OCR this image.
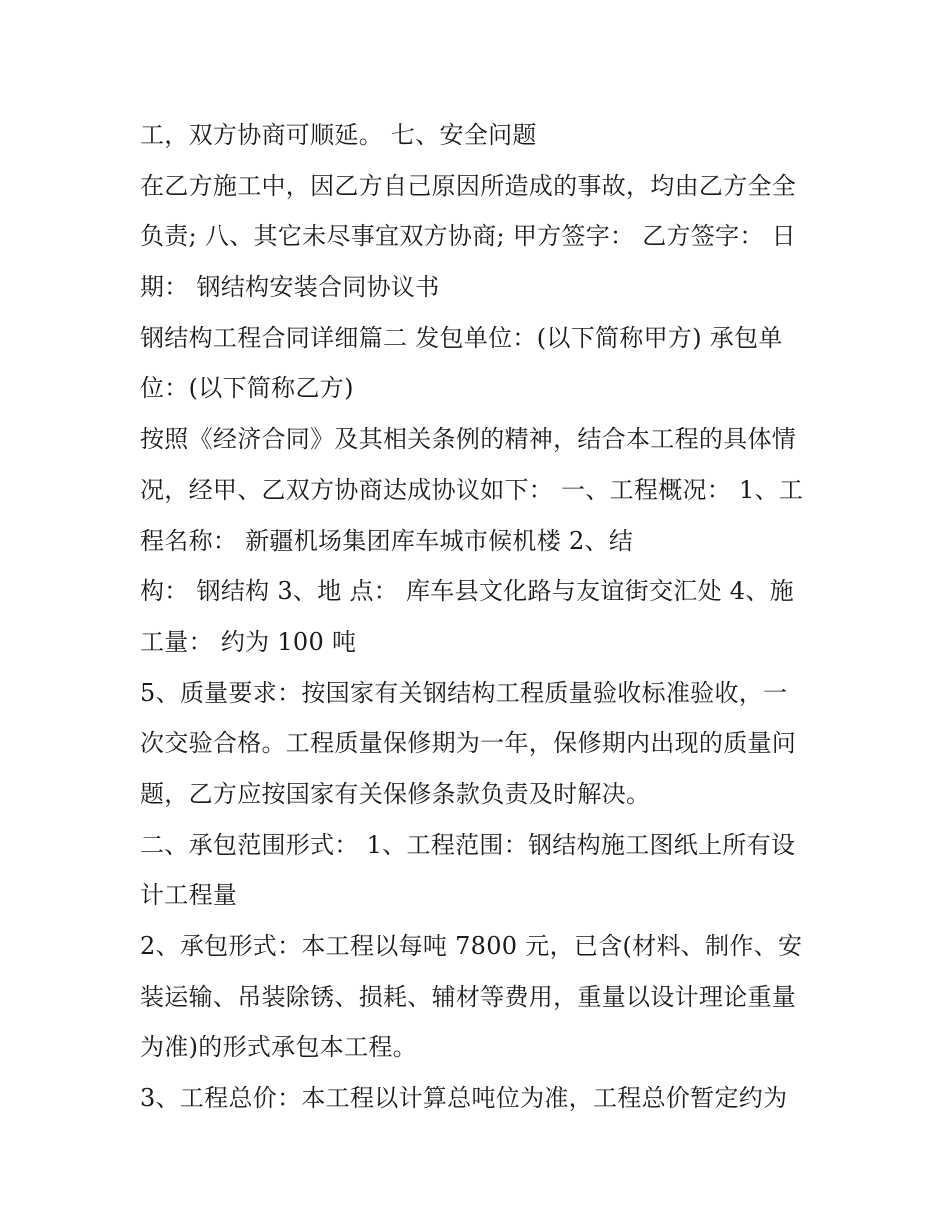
工，双方协商可顺延。 七、安全问题
在乙方施工中，因乙方自己原因所造成的事故，均由乙方全全
负责; 八、其它未尽事宜双方协商; 甲方签字： 乙方签字： 日
期： 钢结构安装合同协议书
钢结构工程合同详细篇二 发包单位：(以下简称甲方) 承包单
位：(以下简称乙方)
按照《经济合同》及其相关条例的精神，结合本工程的具体情
况，经甲、乙双方协商达成协议如下： 一、工程概况： 1、工
程名称： 新疆机场集团库车城市候机楼 2、结
构： 钢结构 3、地 点： 库车县文化路与友谊街交汇处 4、施
工量： 约为 100 吨
5、质量要求：按国家有关钢结构工程质量验收标准验收，一
次交验合格。工程质量保修期为一年，保修期内出现的质量问
题，乙方应按国家有关保修条款负责及时解决。
二、承包范围形式： 1、工程范围：钢结构施工图纸上所有设
计工程量
2、承包形式：本工程以每吨 7800 元，已含(材料、制作、安
装运输、吊装除锈、损耗、辅材等费用，重量以设计理论重量
为准)的形式承包本工程。
3、工程总价：本工程以计算总吨位为准，工程总价暂定约为
